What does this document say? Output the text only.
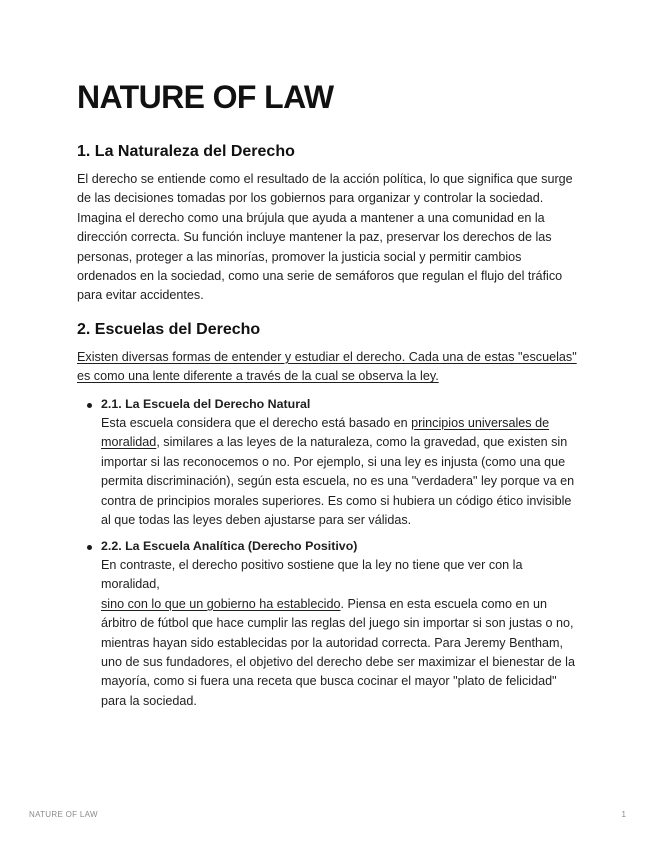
NATURE OF LAW
1. La Naturaleza del Derecho

El derecho se entiende como el resultado de la acción política, lo que significa que surge de las decisiones tomadas por los gobiernos para organizar y controlar la sociedad. Imagina el derecho como una brújula que ayuda a mantener a una comunidad en la dirección correcta. Su función incluye mantener la paz, preservar los derechos de las personas, proteger a las minorías, promover la justicia social y permitir cambios ordenados en la sociedad, como una serie de semáforos que regulan el flujo del tráfico para evitar accidentes.

2. Escuelas del Derecho

Existen diversas formas de entender y estudiar el derecho. Cada una de estas "escuelas" es como una lente diferente a través de la cual se observa la ley.

2.1. La Escuela del Derecho Natural
Esta escuela considera que el derecho está basado en principios universales de moralidad, similares a las leyes de la naturaleza, como la gravedad, que existen sin importar si las reconocemos o no. Por ejemplo, si una ley es injusta (como una que permita discriminación), según esta escuela, no es una "verdadera" ley porque va en contra de principios morales superiores. Es como si hubiera un código ético invisible al que todas las leyes deben ajustarse para ser válidas.
2.2. La Escuela Analítica (Derecho Positivo)
En contraste, el derecho positivo sostiene que la ley no tiene que ver con la moralidad,
sino con lo que un gobierno ha establecido. Piensa en esta escuela como en un árbitro de fútbol que hace cumplir las reglas del juego sin importar si son justas o no, mientras hayan sido establecidas por la autoridad correcta. Para Jeremy Bentham, uno de sus fundadores, el objetivo del derecho debe ser maximizar el bienestar de la mayoría, como si fuera una receta que busca cocinar el mayor "plato de felicidad" para la sociedad.
NATURE OF LAW	1
